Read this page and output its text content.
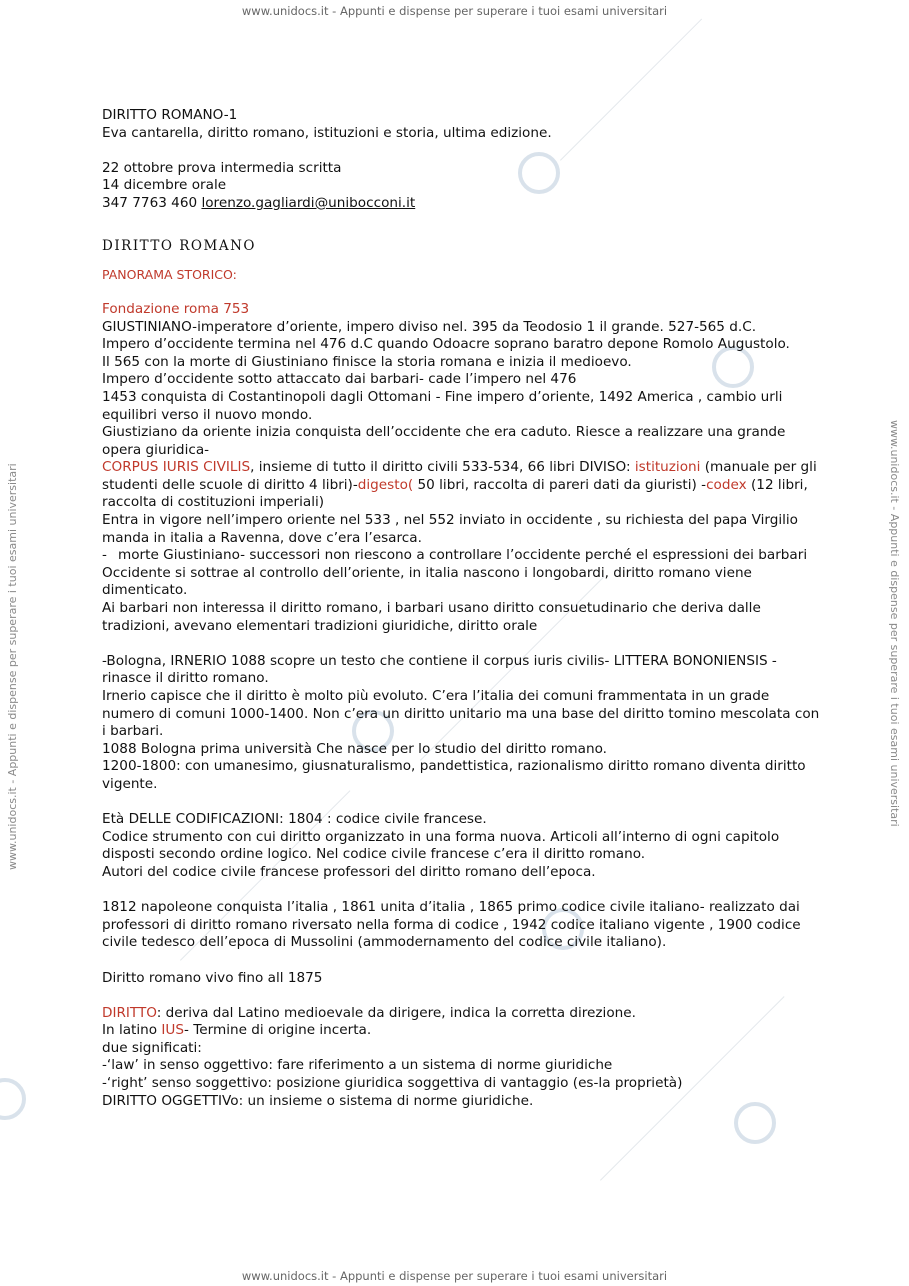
www.unidocs.it - Appunti e dispense per superare i tuoi esami universitari
www.unidocs.it - Appunti e dispense per superare i tuoi esami universitari
www.unidocs.it - Appunti e dispense per superare i tuoi esami universitari	www.unidocs.it - Appunti e dispense per superare i tuoi esami universitari

DIRITTO ROMANO-1

Eva cantarella, diritto romano, istituzioni e storia, ultima edizione.

22 ottobre prova intermedia scritta

14 dicembre orale

347 7763 460 lorenzo.gagliardi@unibocconi.it

DIRITTO ROMANO

PANORAMA STORICO:

Fondazione roma 753

GIUSTINIANO-imperatore d’oriente, impero diviso nel. 395 da Teodosio 1 il grande. 527-565 d.C.

Impero d’occidente termina nel 476 d.C quando Odoacre soprano baratro depone Romolo Augustolo.

Il 565 con la morte di Giustiniano finisce la storia romana e inizia il medioevo.

Impero d’occidente sotto attaccato dai barbari- cade l’impero nel 476

1453 conquista di Costantinopoli dagli Ottomani - Fine impero d’oriente, 1492 America , cambio urli equilibri verso il nuovo mondo.

Giustiziano da oriente inizia conquista dell’occidente che era caduto. Riesce a realizzare una grande opera giuridica-

CORPUS IURIS CIVILIS, insieme di tutto il diritto civili 533-534, 66 libri DIVISO: istituzioni (manuale per gli studenti delle scuole di diritto 4 libri)-digesto( 50 libri, raccolta di pareri dati da giuristi) -codex (12 libri, raccolta di costituzioni imperiali)

Entra in vigore nell’impero oriente nel 533 , nel 552 inviato in occidente , su richiesta del papa Virgilio manda in italia a Ravenna, dove c’era l’esarca.

- morte Giustiniano- successori non riescono a controllare l’occidente perché el espressioni dei barbari

Occidente si sottrae al controllo dell’oriente, in italia nascono i longobardi, diritto romano viene dimenticato.

Ai barbari non interessa il diritto romano, i barbari usano diritto consuetudinario che deriva dalle tradizioni, avevano elementari tradizioni giuridiche, diritto orale

-Bologna, IRNERIO 1088 scopre un testo che contiene il corpus iuris civilis- LITTERA BONONIENSIS - rinasce il diritto romano.

Irnerio capisce che il diritto è molto più evoluto. C’era l’italia dei comuni frammentata in un grade numero di comuni 1000-1400. Non c’era un diritto unitario ma una base del diritto tomino mescolata con i barbari.

1088 Bologna prima università Che nasce per lo studio del diritto romano.

1200-1800: con umanesimo, giusnaturalismo, pandettistica, razionalismo diritto romano diventa diritto vigente.

Età DELLE CODIFICAZIONI: 1804 : codice civile francese.

Codice strumento con cui diritto organizzato in una forma nuova. Articoli all’interno di ogni capitolo disposti secondo ordine logico. Nel codice civile francese c’era il diritto romano.

Autori del codice civile francese professori del diritto romano dell’epoca.

1812 napoleone conquista l’italia , 1861 unita d’italia , 1865 primo codice civile italiano- realizzato dai professori di diritto romano riversato nella forma di codice , 1942 codice italiano vigente , 1900 codice civile tedesco dell’epoca di Mussolini (ammodernamento del codice civile italiano).

Diritto romano vivo fino all 1875

DIRITTO: deriva dal Latino medioevale da dirigere, indica la corretta direzione.

In latino IUS- Termine di origine incerta.

due significati:

-‘law’ in senso oggettivo: fare riferimento a un sistema di norme giuridiche

-‘right’ senso soggettivo: posizione giuridica soggettiva di vantaggio (es-la proprietà)

DIRITTO OGGETTIVo: un insieme o sistema di norme giuridiche.
